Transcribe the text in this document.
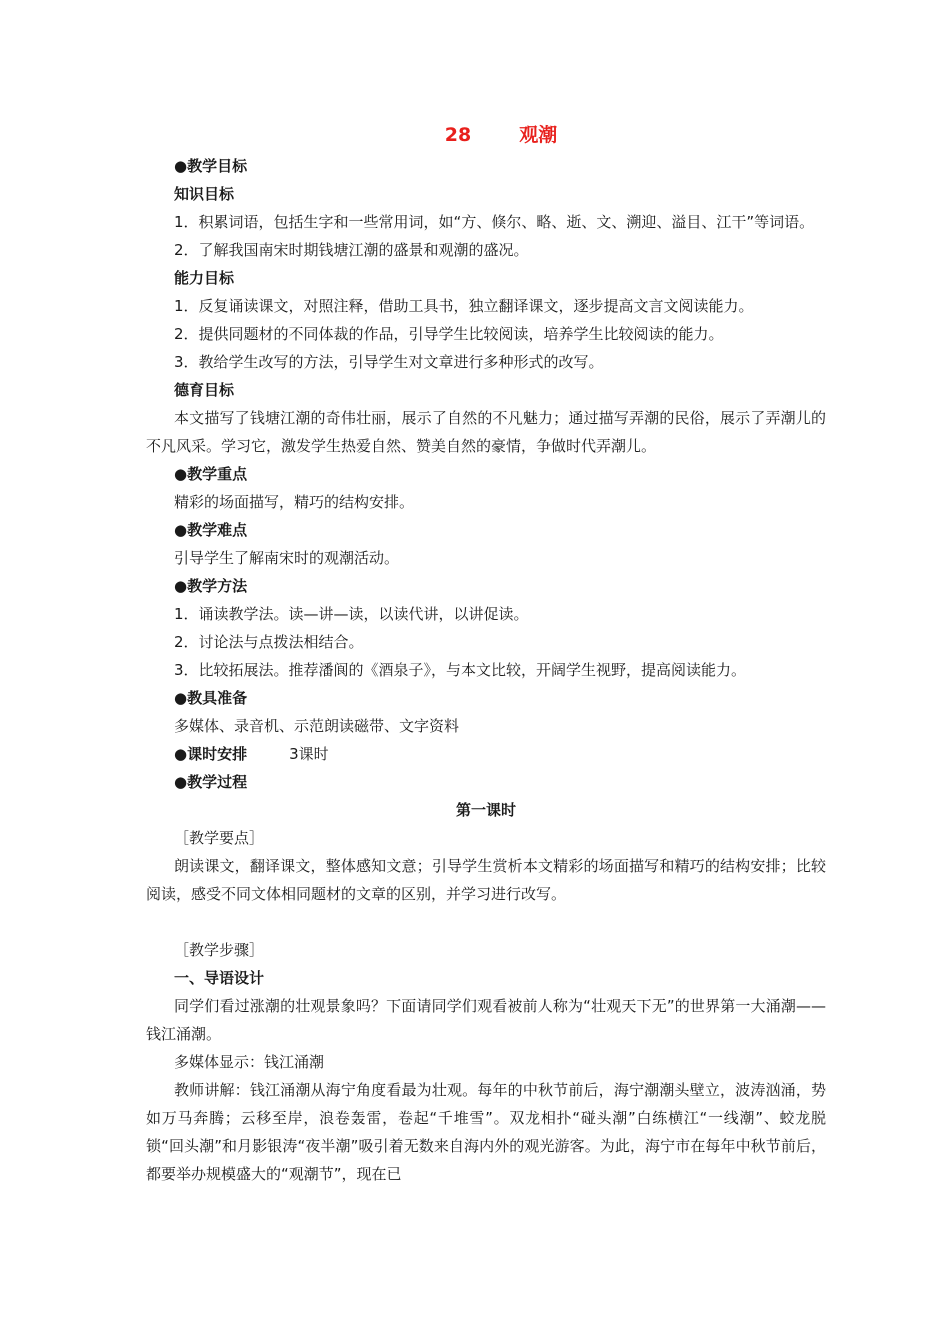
28	观潮
●教学目标
知识目标
1．积累词语，包括生字和一些常用词，如“方、倏尔、略、逝、文、溯迎、溢目、江干”等词语。
2．了解我国南宋时期钱塘江潮的盛景和观潮的盛况。
能力目标
1．反复诵读课文，对照注释，借助工具书，独立翻译课文，逐步提高文言文阅读能力。
2．提供同题材的不同体裁的作品，引导学生比较阅读，培养学生比较阅读的能力。
3．教给学生改写的方法，引导学生对文章进行多种形式的改写。
德育目标
本文描写了钱塘江潮的奇伟壮丽，展示了自然的不凡魅力；通过描写弄潮的民俗，展示了弄潮儿的不凡风采。学习它，激发学生热爱自然、赞美自然的豪情，争做时代弄潮儿。
●教学重点
精彩的场面描写，精巧的结构安排。
●教学难点
引导学生了解南宋时的观潮活动。
●教学方法
1．诵读教学法。读—讲—读，以读代讲，以讲促读。
2．讨论法与点拨法相结合。
3．比较拓展法。推荐潘阆的《酒泉子》，与本文比较，开阔学生视野，提高阅读能力。
●教具准备
多媒体、录音机、示范朗读磁带、文字资料
●课时安排	3课时
●教学过程
第一课时
［教学要点］
朗读课文，翻译课文，整体感知文意；引导学生赏析本文精彩的场面描写和精巧的结构安排；比较阅读，感受不同文体相同题材的文章的区别，并学习进行改写。
［教学步骤］
一、导语设计
同学们看过涨潮的壮观景象吗？下面请同学们观看被前人称为“壮观天下无”的世界第一大涌潮——钱江涌潮。
多媒体显示：钱江涌潮
教师讲解：钱江涌潮从海宁角度看最为壮观。每年的中秋节前后，海宁潮潮头壁立，波涛汹涌，势如万马奔腾；云移至岸，浪卷轰雷，卷起“千堆雪”。双龙相扑“碰头潮”白练横江“一线潮”、蛟龙脱锁“回头潮”和月影银涛“夜半潮”吸引着无数来自海内外的观光游客。为此，海宁市在每年中秋节前后，都要举办规模盛大的“观潮节”，现在已
